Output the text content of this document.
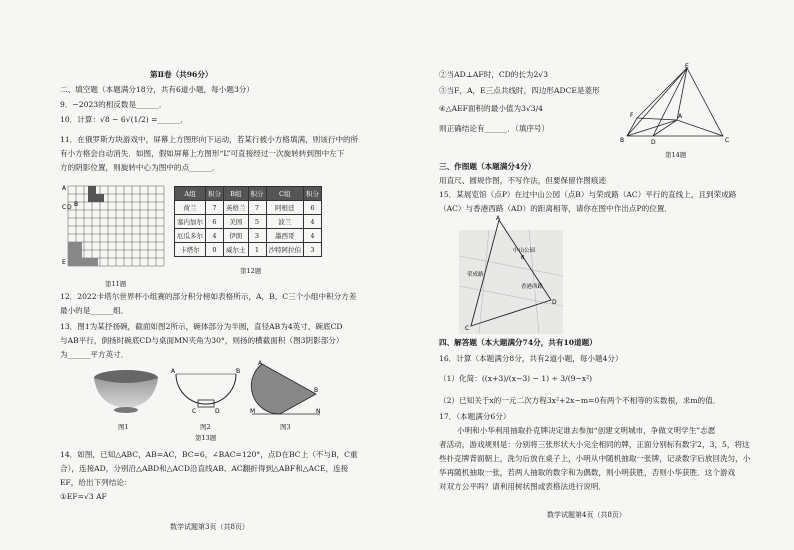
第Ⅱ卷（共96分）
二、填空题（本题满分18分，共有6道小题，每小题3分）
9．−2023的相反数是______．
10．计算：√8 − 6√(1/2) =______．
11．在俄罗斯方块游戏中，屏幕上方图形向下运动，若某行被小方格填满，则该行中的所
有小方格会自动消失．如图，假如屏幕上方图形“L”可直接经过一次旋转转到图中左下
方的阴影位置，则旋转中心为图中的点______．
A
B
C D
E
第11题
A组	积分	B组	积分	C组	积分
荷兰	7	英格兰	7	阿根廷	6
塞内加尔	6	美国	5	波兰	4
厄瓜多尔	4	伊朗	3	墨西哥	4
卡塔尔	0	威尔士	1	沙特阿拉伯	3
第12题
12．2022卡塔尔世界杯小组赛的部分积分榜如表格所示，A，B，C三个小组中积分方差
最小的是______组．
13．图1为某抒扬碗，截面如图2所示，碗体部分为半圆，直径AB为4英寸，碗底CD
与AB平行，倒扬时碗底CD与桌面MN夹角为30°，则扬的横截面积（图3阴影部分）
为______平方英寸．
A	B
C	D
A
B
M	N
图1	图2	图3
第13题
14．如图，已知△ABC，AB=AC，BC=6，∠BAC=120°，点D在BC上（不与B，C重
合），连接AD，分别沿△ABD和△ACD沿直线AB、AC翻折得到△ABF和△ACE，连接
EF，给出下列结论：
①EF=√3 AF
数学试题第3页（共8页）
②当AD⊥AF时，CD的长为2√3
③当F，A，E三点共线时，四边形ADCE是菱形
④△AEF面积的最小值为3√3/4
则正确结论有______．（填序号）
E
F	A
B	D	C
第14题
三、作图题（本题满分4分）
用直尺、圆规作图，不写作法，但要保留作图痕迹
15．某展览馆（点P）在过中山公园（点B）与荣成路（AC）平行的直线上，且到荣成路
（AC）与香港西路（AD）的距离相等，请你在图中作出点P的位置．
A
B
C
D
中山公园
荣成路
香港西路
四、解答题（本大题满分74分，共有10道题）
16．计算（本题满分8分，共有2道小题，每小题4分）
（1）化简：((x+3)/(x−3) − 1) ÷ 3/(9−x²)
（2）已知关于x的一元二次方程3x²+2x−m=0有两个不相等的实数根，求m的值．
17．（本题满分6分）
小明和小华利用抽取扑克牌决定谁去参加“创建文明城市，争做文明学生”志愿
者活动，游戏规则是：分别将三张形状大小完全相同的牌，正面分别标有数字2，3，5，将这
些扑克牌背面朝上，洗匀后放在桌子上，小明从中随机抽取一张牌，记录数字后放回洗匀，小
华再随机抽取一张，若两人抽取的数字和为偶数，则小明获胜，否则小华获胜．这个游戏
对双方公平吗？请利用树状图或表格法进行说明．
数学试题第4页（共8页）
